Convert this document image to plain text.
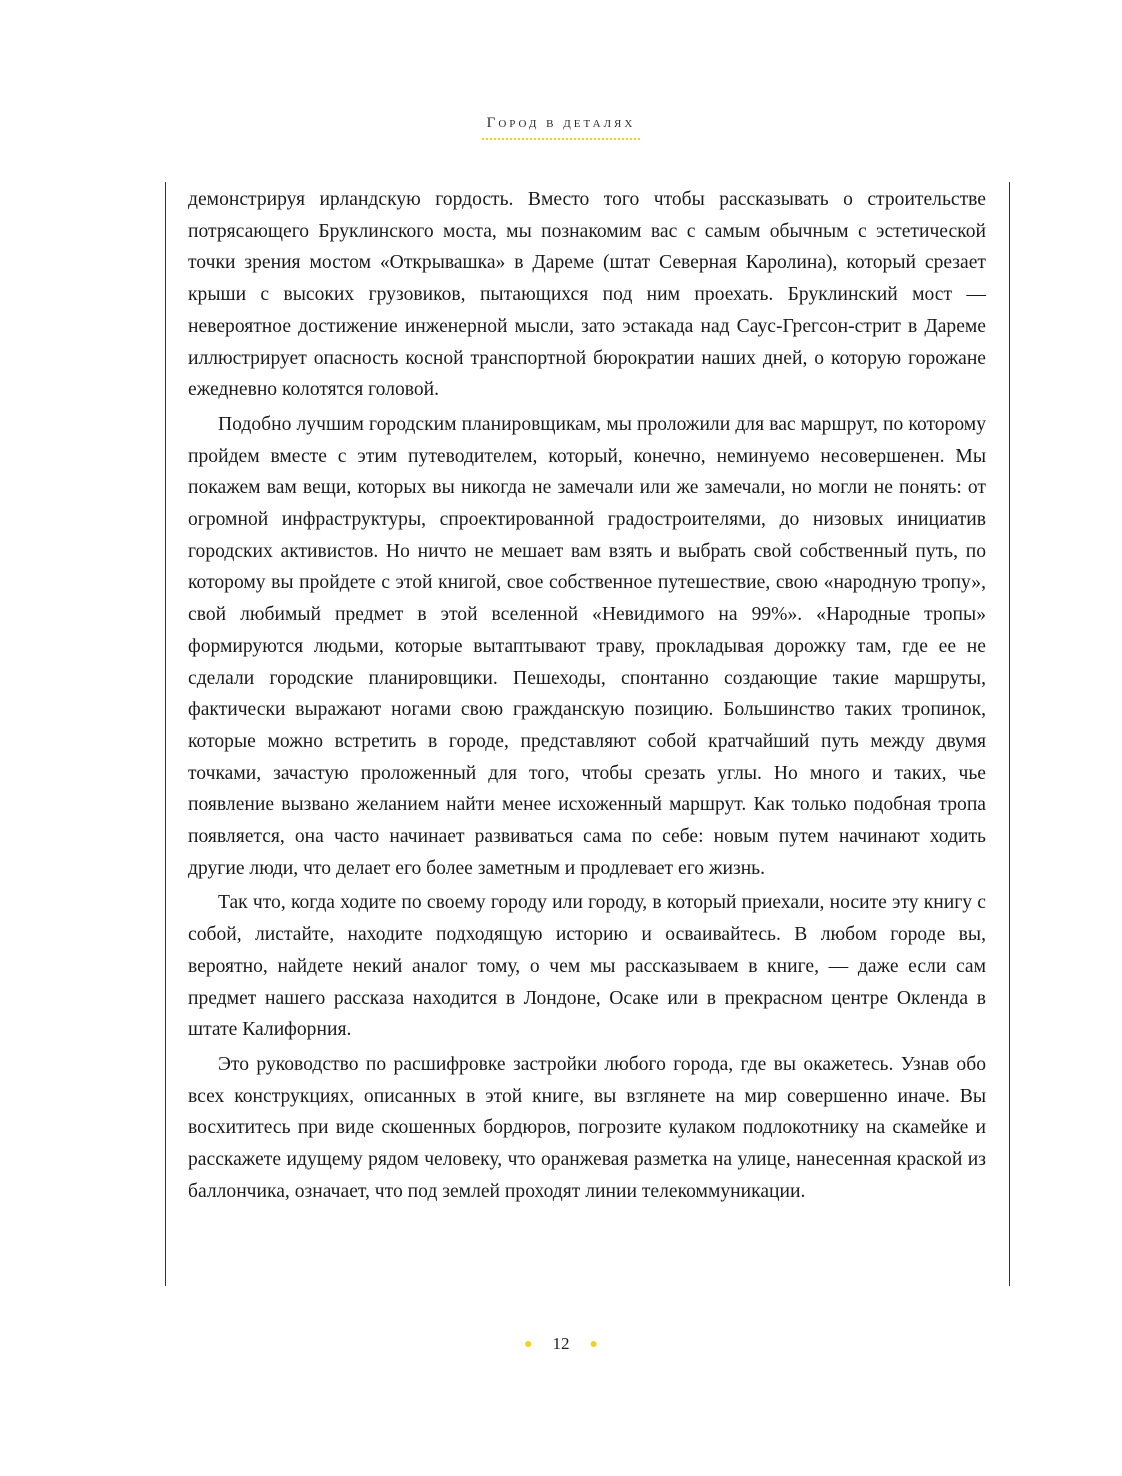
Город в деталях

демонстрируя ирландскую гордость. Вместо того чтобы рассказывать о строительстве потрясающего Бруклинского моста, мы познакомим вас с самым обычным с эстетической точки зрения мостом «Открывашка» в Дареме (штат Северная Каролина), который срезает крыши с высоких грузовиков, пытающихся под ним проехать. Бруклинский мост — невероятное достижение инженерной мысли, зато эстакада над Саус-Грегсон-стрит в Дареме иллюстрирует опасность косной транспортной бюрократии наших дней, о которую горожане ежедневно колотятся головой.

Подобно лучшим городским планировщикам, мы проложили для вас маршрут, по которому пройдем вместе с этим путеводителем, который, конечно, неминуемо несовершенен. Мы покажем вам вещи, которых вы никогда не замечали или же замечали, но могли не понять: от огромной инфраструктуры, спроектированной градостроителями, до низовых инициатив городских активистов. Но ничто не мешает вам взять и выбрать свой собственный путь, по которому вы пройдете с этой книгой, свое собственное путешествие, свою «народную тропу», свой любимый предмет в этой вселенной «Невидимого на 99%». «Народные тропы» формируются людьми, которые вытаптывают траву, прокладывая дорожку там, где ее не сделали городские планировщики. Пешеходы, спонтанно создающие такие маршруты, фактически выражают ногами свою гражданскую позицию. Большинство таких тропинок, которые можно встретить в городе, представляют собой кратчайший путь между двумя точками, зачастую проложенный для того, чтобы срезать углы. Но много и таких, чье появление вызвано желанием найти менее исхоженный маршрут. Как только подобная тропа появляется, она часто начинает развиваться сама по себе: новым путем начинают ходить другие люди, что делает его более заметным и продлевает его жизнь.

Так что, когда ходите по своему городу или городу, в который приехали, носите эту книгу с собой, листайте, находите подходящую историю и осваивайтесь. В любом городе вы, вероятно, найдете некий аналог тому, о чем мы рассказываем в книге, — даже если сам предмет нашего рассказа находится в Лондоне, Осаке или в прекрасном центре Окленда в штате Калифорния.

Это руководство по расшифровке застройки любого города, где вы окажетесь. Узнав обо всех конструкциях, описанных в этой книге, вы взглянете на мир совершенно иначе. Вы восхититесь при виде скошенных бордюров, погрозите кулаком подлокотнику на скамейке и расскажете идущему рядом человеку, что оранжевая разметка на улице, нанесенная краской из баллончика, означает, что под землей проходят линии телекоммуникации.

● 12 ●
